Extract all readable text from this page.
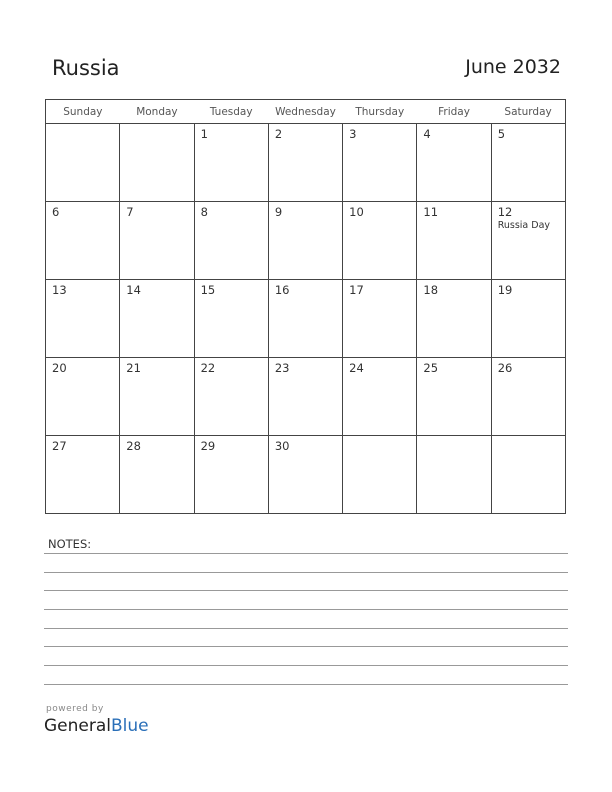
Russia	June 2032
Sunday	Monday	Tuesday	Wednesday	Thursday	Friday	Saturday

		1	2	3	4	5

6	7	8	9	10	11	12
Russia Day

13	14	15	16	17	18	19

20	21	22	23	24	25	26

27	28	29	30			

NOTES:
powered by
GeneralBlue
